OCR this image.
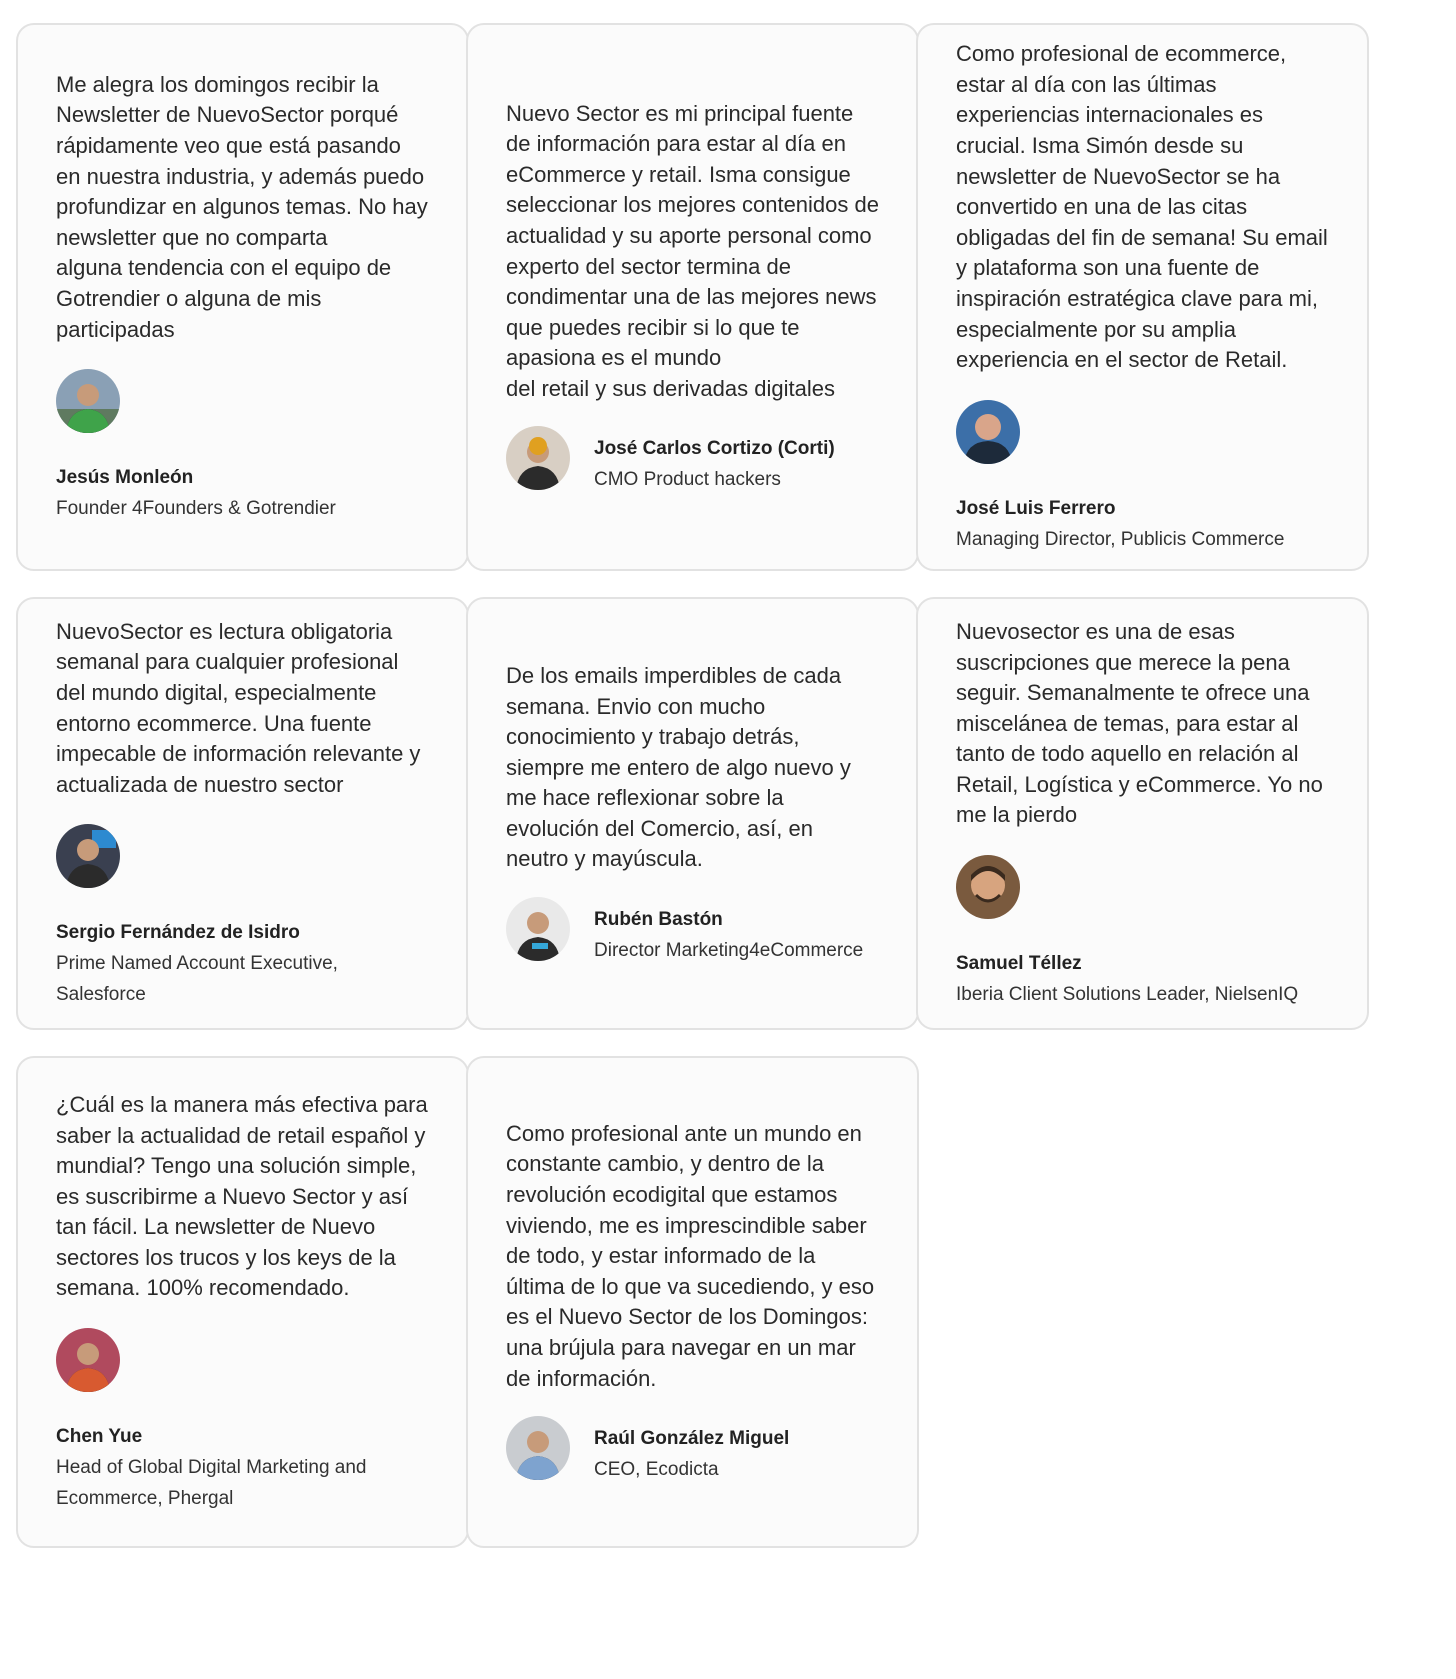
Me alegra los domingos recibir la Newsletter de NuevoSector porqué rápidamente veo que está pasando en nuestra industria, y además puedo profundizar en algunos temas. No hay newsletter que no comparta
alguna tendencia con el equipo de Gotrendier o alguna de mis participadas

Jesús Monleón
Founder 4Founders & Gotrendier

Nuevo Sector es mi principal fuente de información para estar al día en eCommerce y retail. Isma consigue seleccionar los mejores contenidos de actualidad y su aporte personal como experto del sector termina de condimentar una de las mejores news que puedes recibir si lo que te apasiona es el mundo
del retail y sus derivadas digitales

José Carlos Cortizo (Corti)
CMO Product hackers

Como profesional de ecommerce, estar al día con las últimas experiencias internacionales es crucial. Isma Simón desde su newsletter de NuevoSector se ha convertido en una de las citas obligadas del fin de semana! Su email y plataforma son una fuente de inspiración estratégica clave para mi, especialmente por su amplia experiencia en el sector de Retail.

José Luis Ferrero
Managing Director, Publicis Commerce

NuevoSector es lectura obligatoria semanal para cualquier profesional del mundo digital, especialmente entorno ecommerce. Una fuente impecable de información relevante y actualizada de nuestro sector

Sergio Fernández de Isidro
Prime Named Account Executive, Salesforce

De los emails imperdibles de cada semana. Envio con mucho conocimiento y trabajo detrás, siempre me entero de algo nuevo y me hace reflexionar sobre la evolución del Comercio, así, en neutro y mayúscula.

Rubén Bastón
Director Marketing4eCommerce

Nuevosector es una de esas suscripciones que merece la pena seguir. Semanalmente te ofrece una miscelánea de temas, para estar al tanto de todo aquello en relación al Retail, Logística y eCommerce. Yo no me la pierdo

Samuel Téllez
Iberia Client Solutions Leader, NielsenIQ

¿Cuál es la manera más efectiva para saber la actualidad de retail español y mundial? Tengo una solución simple, es suscribirme a Nuevo Sector y así tan fácil. La newsletter de Nuevo sectores los trucos y los keys de la semana. 100% recomendado.

Chen Yue
Head of Global Digital Marketing and Ecommerce, Phergal

Como profesional ante un mundo en constante cambio, y dentro de la revolución ecodigital que estamos viviendo, me es imprescindible saber de todo, y estar informado de la última de lo que va sucediendo, y eso es el Nuevo Sector de los Domingos: una brújula para navegar en un mar de información.

Raúl González Miguel
CEO, Ecodicta
